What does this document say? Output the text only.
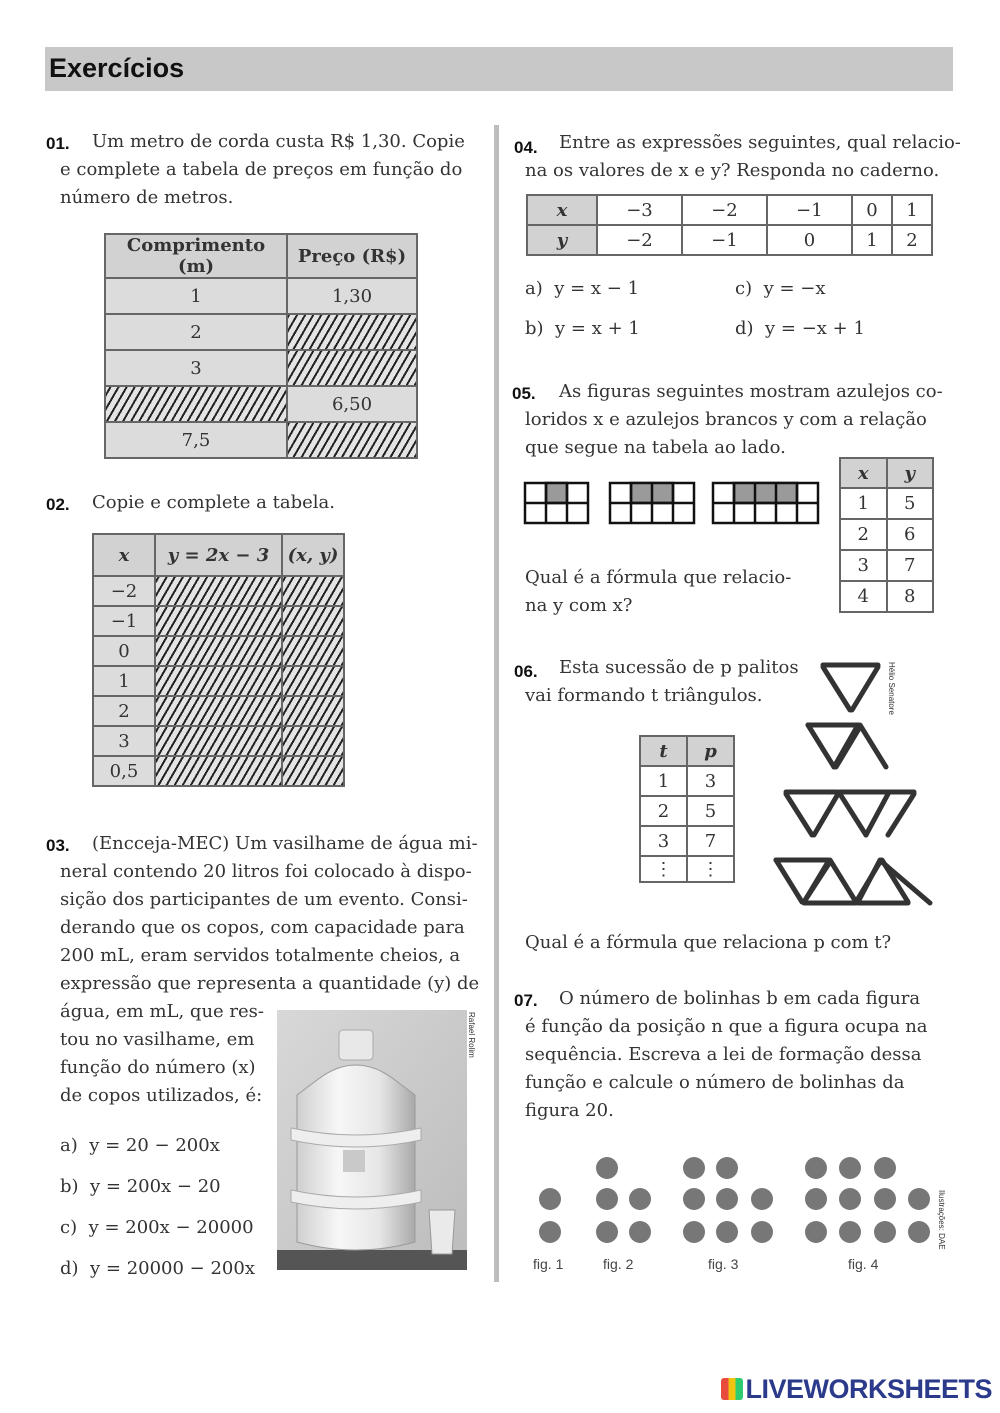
Exercícios
01. Um metro de corda custa R$ 1,30. Copie
e complete a tabela de preços em função do
número de metros.
Comprimento (m)	Preço (R$)
1	1,30
2	
3	
	6,50
7,5	
02. Copie e complete a tabela.
x	y = 2x − 3	(x, y)
−2		
−1		
0		
1		
2		
3		
0,5		
03. (Encceja-MEC) Um vasilhame de água mi-
neral contendo 20 litros foi colocado à dispo-
sição dos participantes de um evento. Consi-
derando que os copos, com capacidade para
200 mL, eram servidos totalmente cheios, a
expressão que representa a quantidade (y) de
água, em mL, que res-
tou no vasilhame, em
função do número (x)
de copos utilizados, é:
a) y = 20 − 200x
b) y = 200x − 20
c) y = 200x − 20000
d) y = 20000 − 200x
Rafael Rolim
04. Entre as expressões seguintes, qual relacio-
na os valores de x e y? Responda no caderno.
x	−3	−2	−1	0	1
y	−2	−1	0	1	2
a) y = x − 1	c) y = −x
b) y = x + 1	d) y = −x + 1
05. As figuras seguintes mostram azulejos co-
loridos x e azulejos brancos y com a relação
que segue na tabela ao lado.
Qual é a fórmula que relacio-
na y com x?
x	y
1	5
2	6
3	7
4	8
06. Esta sucessão de p palitos
vai formando t triângulos.
t	p
1	3
2	5
3	7
⋮	⋮
Hélio Senatore
Qual é a fórmula que relaciona p com t?
07. O número de bolinhas b em cada figura
é função da posição n que a figura ocupa na
sequência. Escreva a lei de formação dessa
função e calcule o número de bolinhas da
figura 20.
fig. 1	fig. 2	fig. 3	fig. 4
Ilustrações: DAE
LIVEWORKSHEETS
